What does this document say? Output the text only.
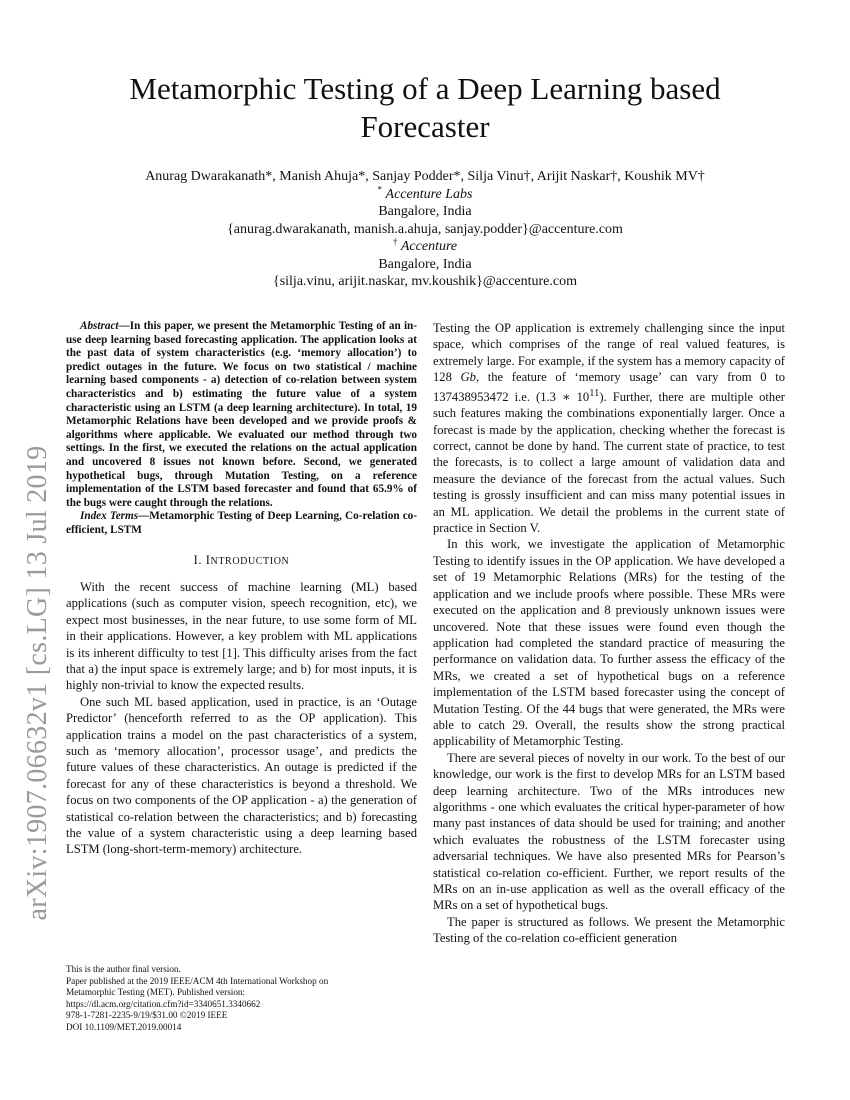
arXiv:1907.06632v1 [cs.LG] 13 Jul 2019
Metamorphic Testing of a Deep Learning based
Forecaster
Anurag Dwarakanath*, Manish Ahuja*, Sanjay Podder*, Silja Vinu†, Arijit Naskar†, Koushik MV†
* Accenture Labs
Bangalore, India
{anurag.dwarakanath, manish.a.ahuja, sanjay.podder}@accenture.com
† Accenture
Bangalore, India
{silja.vinu, arijit.naskar, mv.koushik}@accenture.com

Abstract—In this paper, we present the Metamorphic Testing of an in-use deep learning based forecasting application. The application looks at the past data of system characteristics (e.g. ‘memory allocation’) to predict outages in the future. We focus on two statistical / machine learning based components - a) detection of co-relation between system characteristics and b) estimating the future value of a system characteristic using an LSTM (a deep learning architecture). In total, 19 Metamorphic Relations have been developed and we provide proofs & algorithms where applicable. We evaluated our method through two settings. In the first, we executed the relations on the actual application and uncovered 8 issues not known before. Second, we generated hypothetical bugs, through Mutation Testing, on a reference implementation of the LSTM based forecaster and found that 65.9% of the bugs were caught through the relations.

Index Terms—Metamorphic Testing of Deep Learning, Co-relation co-efficient, LSTM

I. INTRODUCTION

With the recent success of machine learning (ML) based applications (such as computer vision, speech recognition, etc), we expect most businesses, in the near future, to use some form of ML in their applications. However, a key problem with ML applications is its inherent difficulty to test [1]. This difficulty arises from the fact that a) the input space is extremely large; and b) for most inputs, it is highly non-trivial to know the expected results.

One such ML based application, used in practice, is an ‘Outage Predictor’ (henceforth referred to as the OP application). This application trains a model on the past characteristics of a system, such as ‘memory allocation’, processor usage’, and predicts the future values of these characteristics. An outage is predicted if the forecast for any of these characteristics is beyond a threshold. We focus on two components of the OP application - a) the generation of statistical co-relation between the characteristics; and b) forecasting the value of a system characteristic using a deep learning based LSTM (long-short-term-memory) architecture.

This is the author final version.
Paper published at the 2019 IEEE/ACM 4th International Workshop on
Metamorphic Testing (MET). Published version:
https://dl.acm.org/citation.cfm?id=3340651.3340662
978-1-7281-2235-9/19/$31.00 ©2019 IEEE
DOI 10.1109/MET.2019.00014

Testing the OP application is extremely challenging since the input space, which comprises of the range of real valued features, is extremely large. For example, if the system has a memory capacity of 128 Gb, the feature of ‘memory usage’ can vary from 0 to 137438953472 i.e. (1.3 ∗ $10^{11}$). Further, there are multiple other such features making the combinations exponentially larger. Once a forecast is made by the application, checking whether the forecast is correct, cannot be done by hand. The current state of practice, to test the forecasts, is to collect a large amount of validation data and measure the deviance of the forecast from the actual values. Such testing is grossly insufficient and can miss many potential issues in an ML application. We detail the problems in the current state of practice in Section V.

In this work, we investigate the application of Metamorphic Testing to identify issues in the OP application. We have developed a set of 19 Metamorphic Relations (MRs) for the testing of the application and we include proofs where possible. These MRs were executed on the application and 8 previously unknown issues were uncovered. Note that these issues were found even though the application had completed the standard practice of measuring the performance on validation data. To further assess the efficacy of the MRs, we created a set of hypothetical bugs on a reference implementation of the LSTM based forecaster using the concept of Mutation Testing. Of the 44 bugs that were generated, the MRs were able to catch 29. Overall, the results show the strong practical applicability of Metamorphic Testing.

There are several pieces of novelty in our work. To the best of our knowledge, our work is the first to develop MRs for an LSTM based deep learning architecture. Two of the MRs introduces new algorithms - one which evaluates the critical hyper-parameter of how many past instances of data should be used for training; and another which evaluates the robustness of the LSTM forecaster using adversarial techniques. We have also presented MRs for Pearson’s statistical co-relation co-efficient. Further, we report results of the MRs on an in-use application as well as the overall efficacy of the MRs on a set of hypothetical bugs.

The paper is structured as follows. We present the Metamorphic Testing of the co-relation co-efficient generation
